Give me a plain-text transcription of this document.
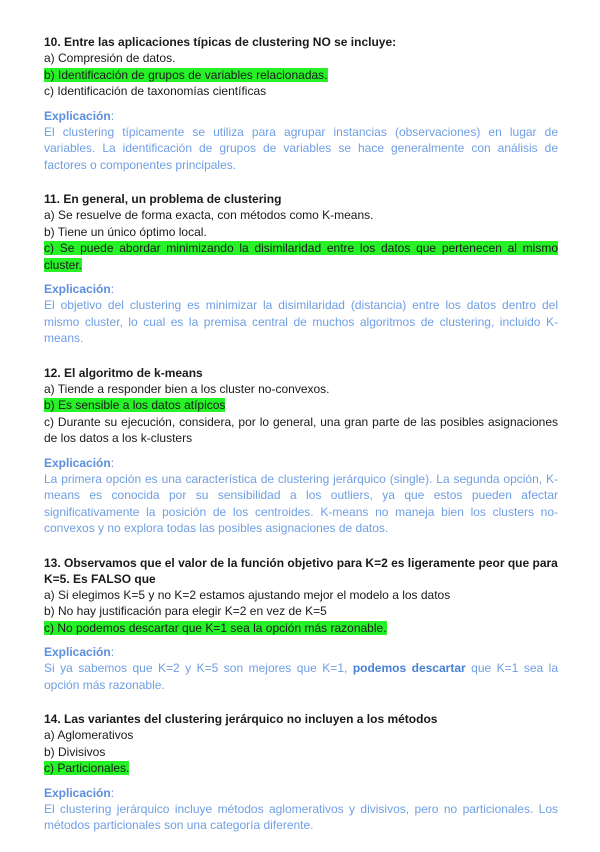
10. Entre las aplicaciones típicas de clustering NO se incluye:

a) Compresión de datos.

b) Identificación de grupos de variables relacionadas.

c) Identificación de taxonomías científicas

Explicación:

El clustering típicamente se utiliza para agrupar instancias (observaciones) en lugar de variables. La identificación de grupos de variables se hace generalmente con análisis de factores o componentes principales.

11. En general, un problema de clustering

a) Se resuelve de forma exacta, con métodos como K-means.

b) Tiene un único óptimo local.

c) Se puede abordar minimizando la disimilaridad entre los datos que pertenecen al mismo cluster.

Explicación:

El objetivo del clustering es minimizar la disimilaridad (distancia) entre los datos dentro del mismo cluster, lo cual es la premisa central de muchos algoritmos de clustering, incluido K-means.

12. El algoritmo de k-means

a) Tiende a responder bien a los cluster no-convexos.

b) Es sensible a los datos atípicos

c) Durante su ejecución, considera, por lo general, una gran parte de las posibles asignaciones de los datos a los k-clusters

Explicación:

La primera opción es una característica de clustering jerárquico (single). La segunda opción, K-means es conocida por su sensibilidad a los outliers, ya que estos pueden afectar significativamente la posición de los centroides. K-means no maneja bien los clusters no-convexos y no explora todas las posibles asignaciones de datos.

13. Observamos que el valor de la función objetivo para K=2 es ligeramente peor que para K=5. Es FALSO que

a) Si elegimos K=5 y no K=2 estamos ajustando mejor el modelo a los datos

b) No hay justificación para elegir K=2 en vez de K=5

c) No podemos descartar que K=1 sea la opción más razonable.

Explicación:

Si ya sabemos que K=2 y K=5 son mejores que K=1, podemos descartar que K=1 sea la opción más razonable.

14. Las variantes del clustering jerárquico no incluyen a los métodos

a) Aglomerativos

b) Divisivos

c) Particionales.

Explicación:

El clustering jerárquico incluye métodos aglomerativos y divisivos, pero no particionales. Los métodos particionales son una categoría diferente.
